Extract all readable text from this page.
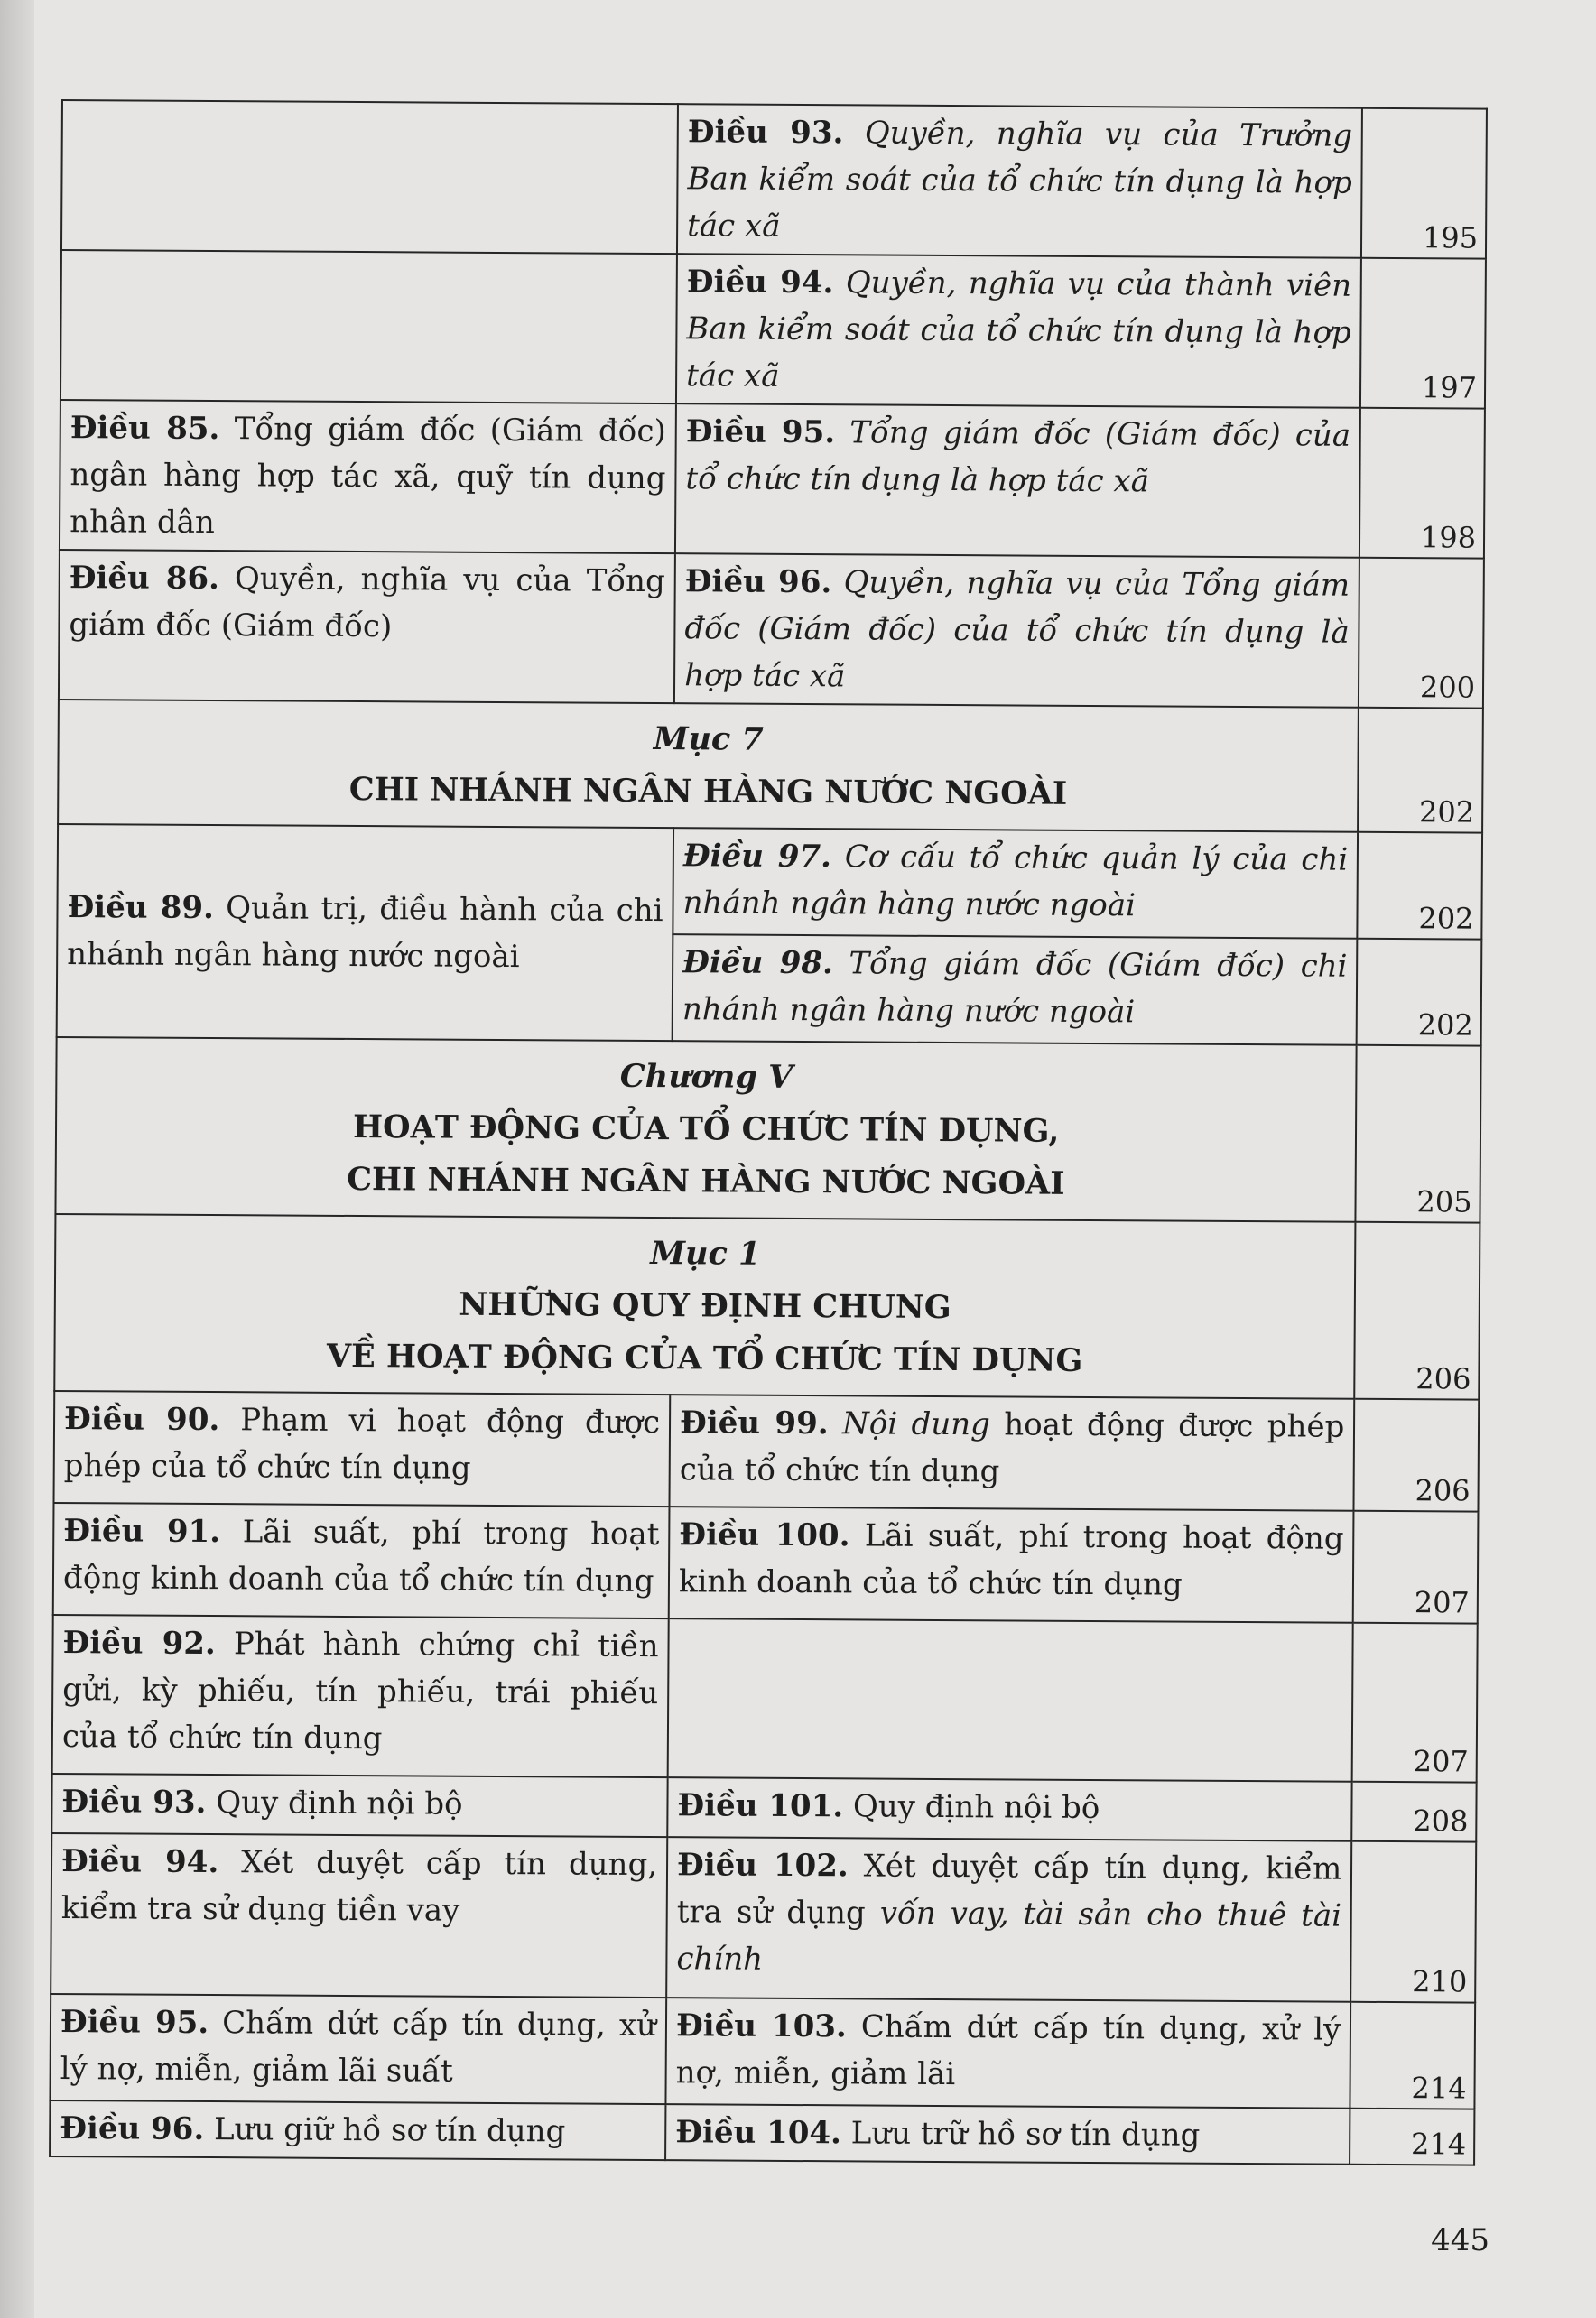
	Điều 93. Quyền, nghĩa vụ của Trưởng Ban kiểm soát của tổ chức tín dụng là hợp tác xã	195
	Điều 94. Quyền, nghĩa vụ của thành viên Ban kiểm soát của tổ chức tín dụng là hợp tác xã	197
Điều 85. Tổng giám đốc (Giám đốc) ngân hàng hợp tác xã, quỹ tín dụng nhân dân	Điều 95. Tổng giám đốc (Giám đốc) của tổ chức tín dụng là hợp tác xã	198
Điều 86. Quyền, nghĩa vụ của Tổng giám đốc (Giám đốc)	Điều 96. Quyền, nghĩa vụ của Tổng giám đốc (Giám đốc) của tổ chức tín dụng là hợp tác xã	200

Mục 7
CHI NHÁNH NGÂN HÀNG NƯỚC NGOÀI		202
Điều 89. Quản trị, điều hành của chi nhánh ngân hàng nước ngoài	Điều 97. Cơ cấu tổ chức quản lý của chi nhánh ngân hàng nước ngoài	202
	Điều 98. Tổng giám đốc (Giám đốc) chi nhánh ngân hàng nước ngoài	202

Chương V
HOẠT ĐỘNG CỦA TỔ CHỨC TÍN DỤNG,
CHI NHÁNH NGÂN HÀNG NƯỚC NGOÀI		205

Mục 1
NHỮNG QUY ĐỊNH CHUNG
VỀ HOẠT ĐỘNG CỦA TỔ CHỨC TÍN DỤNG		206
Điều 90. Phạm vi hoạt động được phép của tổ chức tín dụng	Điều 99. Nội dung hoạt động được phép của tổ chức tín dụng	206
Điều 91. Lãi suất, phí trong hoạt động kinh doanh của tổ chức tín dụng	Điều 100. Lãi suất, phí trong hoạt động kinh doanh của tổ chức tín dụng	207
Điều 92. Phát hành chứng chỉ tiền gửi, kỳ phiếu, tín phiếu, trái phiếu của tổ chức tín dụng		207
Điều 93. Quy định nội bộ	Điều 101. Quy định nội bộ	208
Điều 94. Xét duyệt cấp tín dụng, kiểm tra sử dụng tiền vay	Điều 102. Xét duyệt cấp tín dụng, kiểm tra sử dụng vốn vay, tài sản cho thuê tài chính	210
Điều 95. Chấm dứt cấp tín dụng, xử lý nợ, miễn, giảm lãi suất	Điều 103. Chấm dứt cấp tín dụng, xử lý nợ, miễn, giảm lãi	214
Điều 96. Lưu giữ hồ sơ tín dụng	Điều 104. Lưu trữ hồ sơ tín dụng	214
445
